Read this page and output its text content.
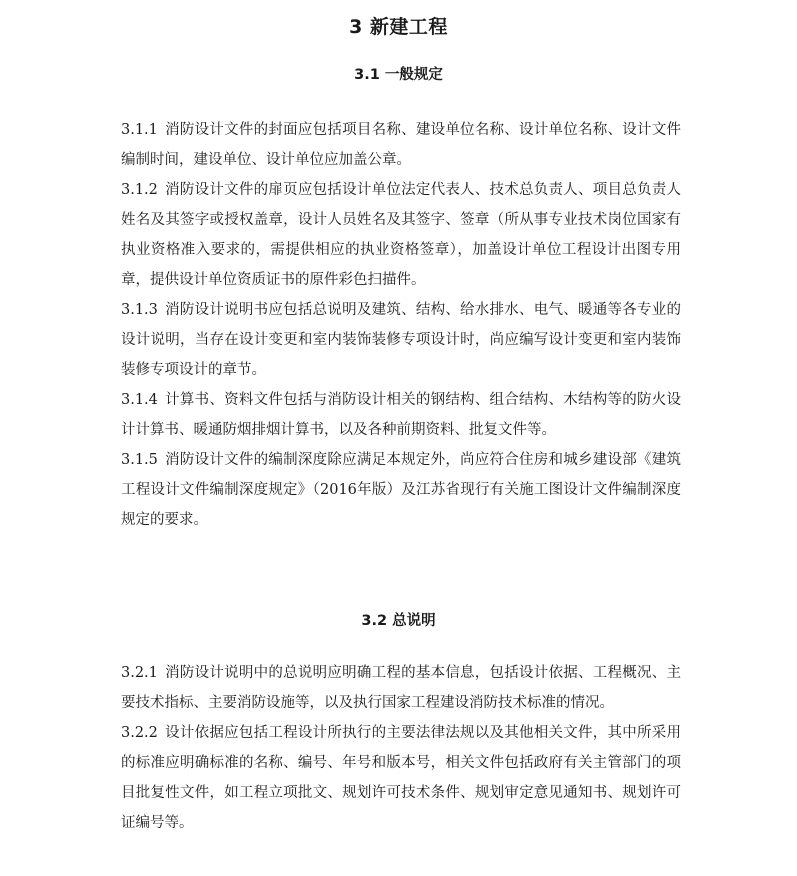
3 新建工程
3.1 一般规定

3.1.1 消防设计文件的封面应包括项目名称、建设单位名称、设计单位名称、设计文件编制时间，建设单位、设计单位应加盖公章。

3.1.2 消防设计文件的扉页应包括设计单位法定代表人、技术总负责人、项目总负责人姓名及其签字或授权盖章，设计人员姓名及其签字、签章（所从事专业技术岗位国家有执业资格准入要求的，需提供相应的执业资格签章），加盖设计单位工程设计出图专用章，提供设计单位资质证书的原件彩色扫描件。

3.1.3 消防设计说明书应包括总说明及建筑、结构、给水排水、电气、暖通等各专业的设计说明，当存在设计变更和室内装饰装修专项设计时，尚应编写设计变更和室内装饰装修专项设计的章节。

3.1.4 计算书、资料文件包括与消防设计相关的钢结构、组合结构、木结构等的防火设计计算书、暖通防烟排烟计算书，以及各种前期资料、批复文件等。

3.1.5 消防设计文件的编制深度除应满足本规定外，尚应符合住房和城乡建设部《建筑工程设计文件编制深度规定》（2016年版）及江苏省现行有关施工图设计文件编制深度规定的要求。

3.2 总说明

3.2.1 消防设计说明中的总说明应明确工程的基本信息，包括设计依据、工程概况、主要技术指标、主要消防设施等，以及执行国家工程建设消防技术标准的情况。

3.2.2 设计依据应包括工程设计所执行的主要法律法规以及其他相关文件，其中所采用的标准应明确标准的名称、编号、年号和版本号，相关文件包括政府有关主管部门的项目批复性文件，如工程立项批文、规划许可技术条件、规划审定意见通知书、规划许可证编号等。
